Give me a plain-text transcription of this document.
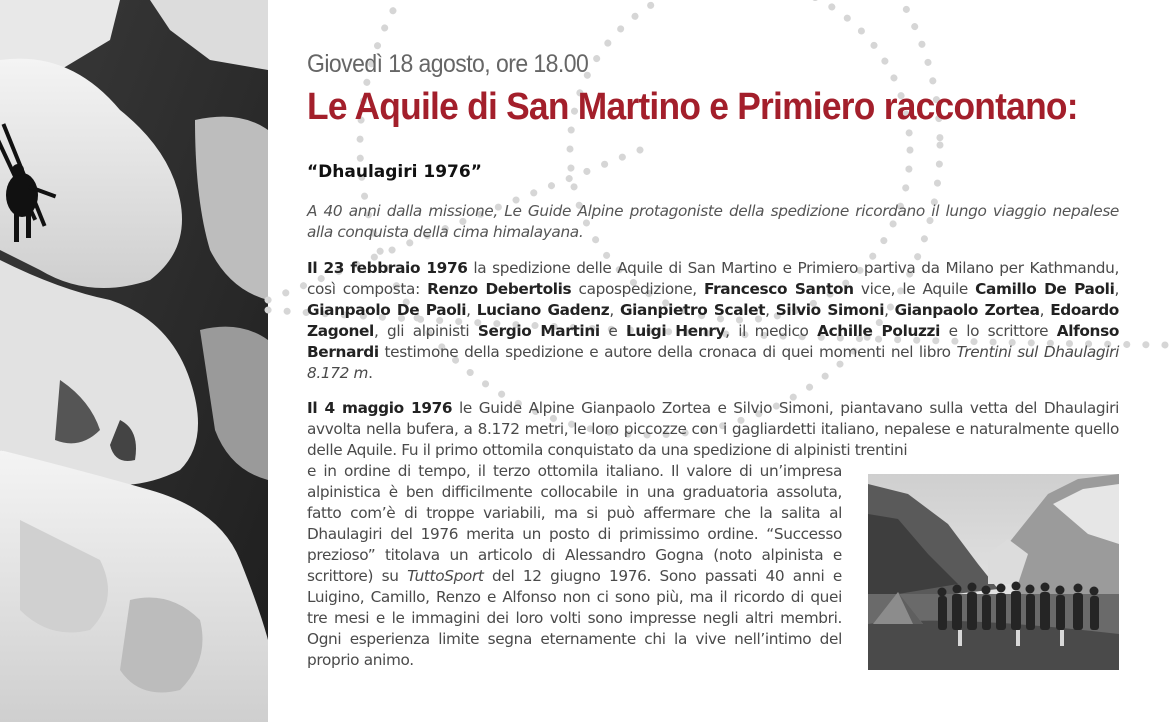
Giovedì 18 agosto, ore 18.00
Le Aquile di San Martino e Primiero raccontano:
“Dhaulagiri 1976”
A 40 anni dalla missione, Le Guide Alpine protagoniste della spedizione ricordano il lungo viaggio nepalese alla conquista della cima himalayana.
Il 23 febbraio 1976 la spedizione delle Aquile di San Martino e Primiero partiva da Milano per Kathmandu, così composta: Renzo Debertolis capospedizione, Francesco Santon vice, le Aquile Camillo De Paoli, Gianpaolo De Paoli, Luciano Gadenz, Gianpietro Scalet, Silvio Simoni, Gianpaolo Zortea, Edoardo Zagonel, gli alpinisti Sergio Martini e Luigi Henry, il medico Achille Poluzzi e lo scrittore Alfonso Bernardi testimone della spedizione e autore della cronaca di quei momenti nel libro Trentini sul Dhaulagiri 8.172 m.
Il 4 maggio 1976 le Guide Alpine Gianpaolo Zortea e Silvio Simoni, piantavano sulla vetta del Dhaulagiri avvolta nella bufera, a 8.172 metri, le loro piccozze con i gagliardetti italiano, nepalese e naturalmente quello delle Aquile. Fu il primo ottomila conquistato da una spedizione di alpinisti trentini
e in ordine di tempo, il terzo ottomila italiano. Il valore di un’impresa alpinistica è ben difficilmente collocabile in una graduatoria assoluta, fatto com’è di troppe variabili, ma si può affermare che la salita al Dhaulagiri del 1976 merita un posto di primissimo ordine. “Successo prezioso” titolava un articolo di Alessandro Gogna (noto alpinista e scrittore) su TuttoSport del 12 giugno 1976. Sono passati 40 anni e Luigino, Camillo, Renzo e Alfonso non ci sono più, ma il ricordo di quei tre mesi e le immagini dei loro volti sono impresse negli altri membri. Ogni esperienza limite segna eternamente chi la vive nell’intimo del proprio animo.
